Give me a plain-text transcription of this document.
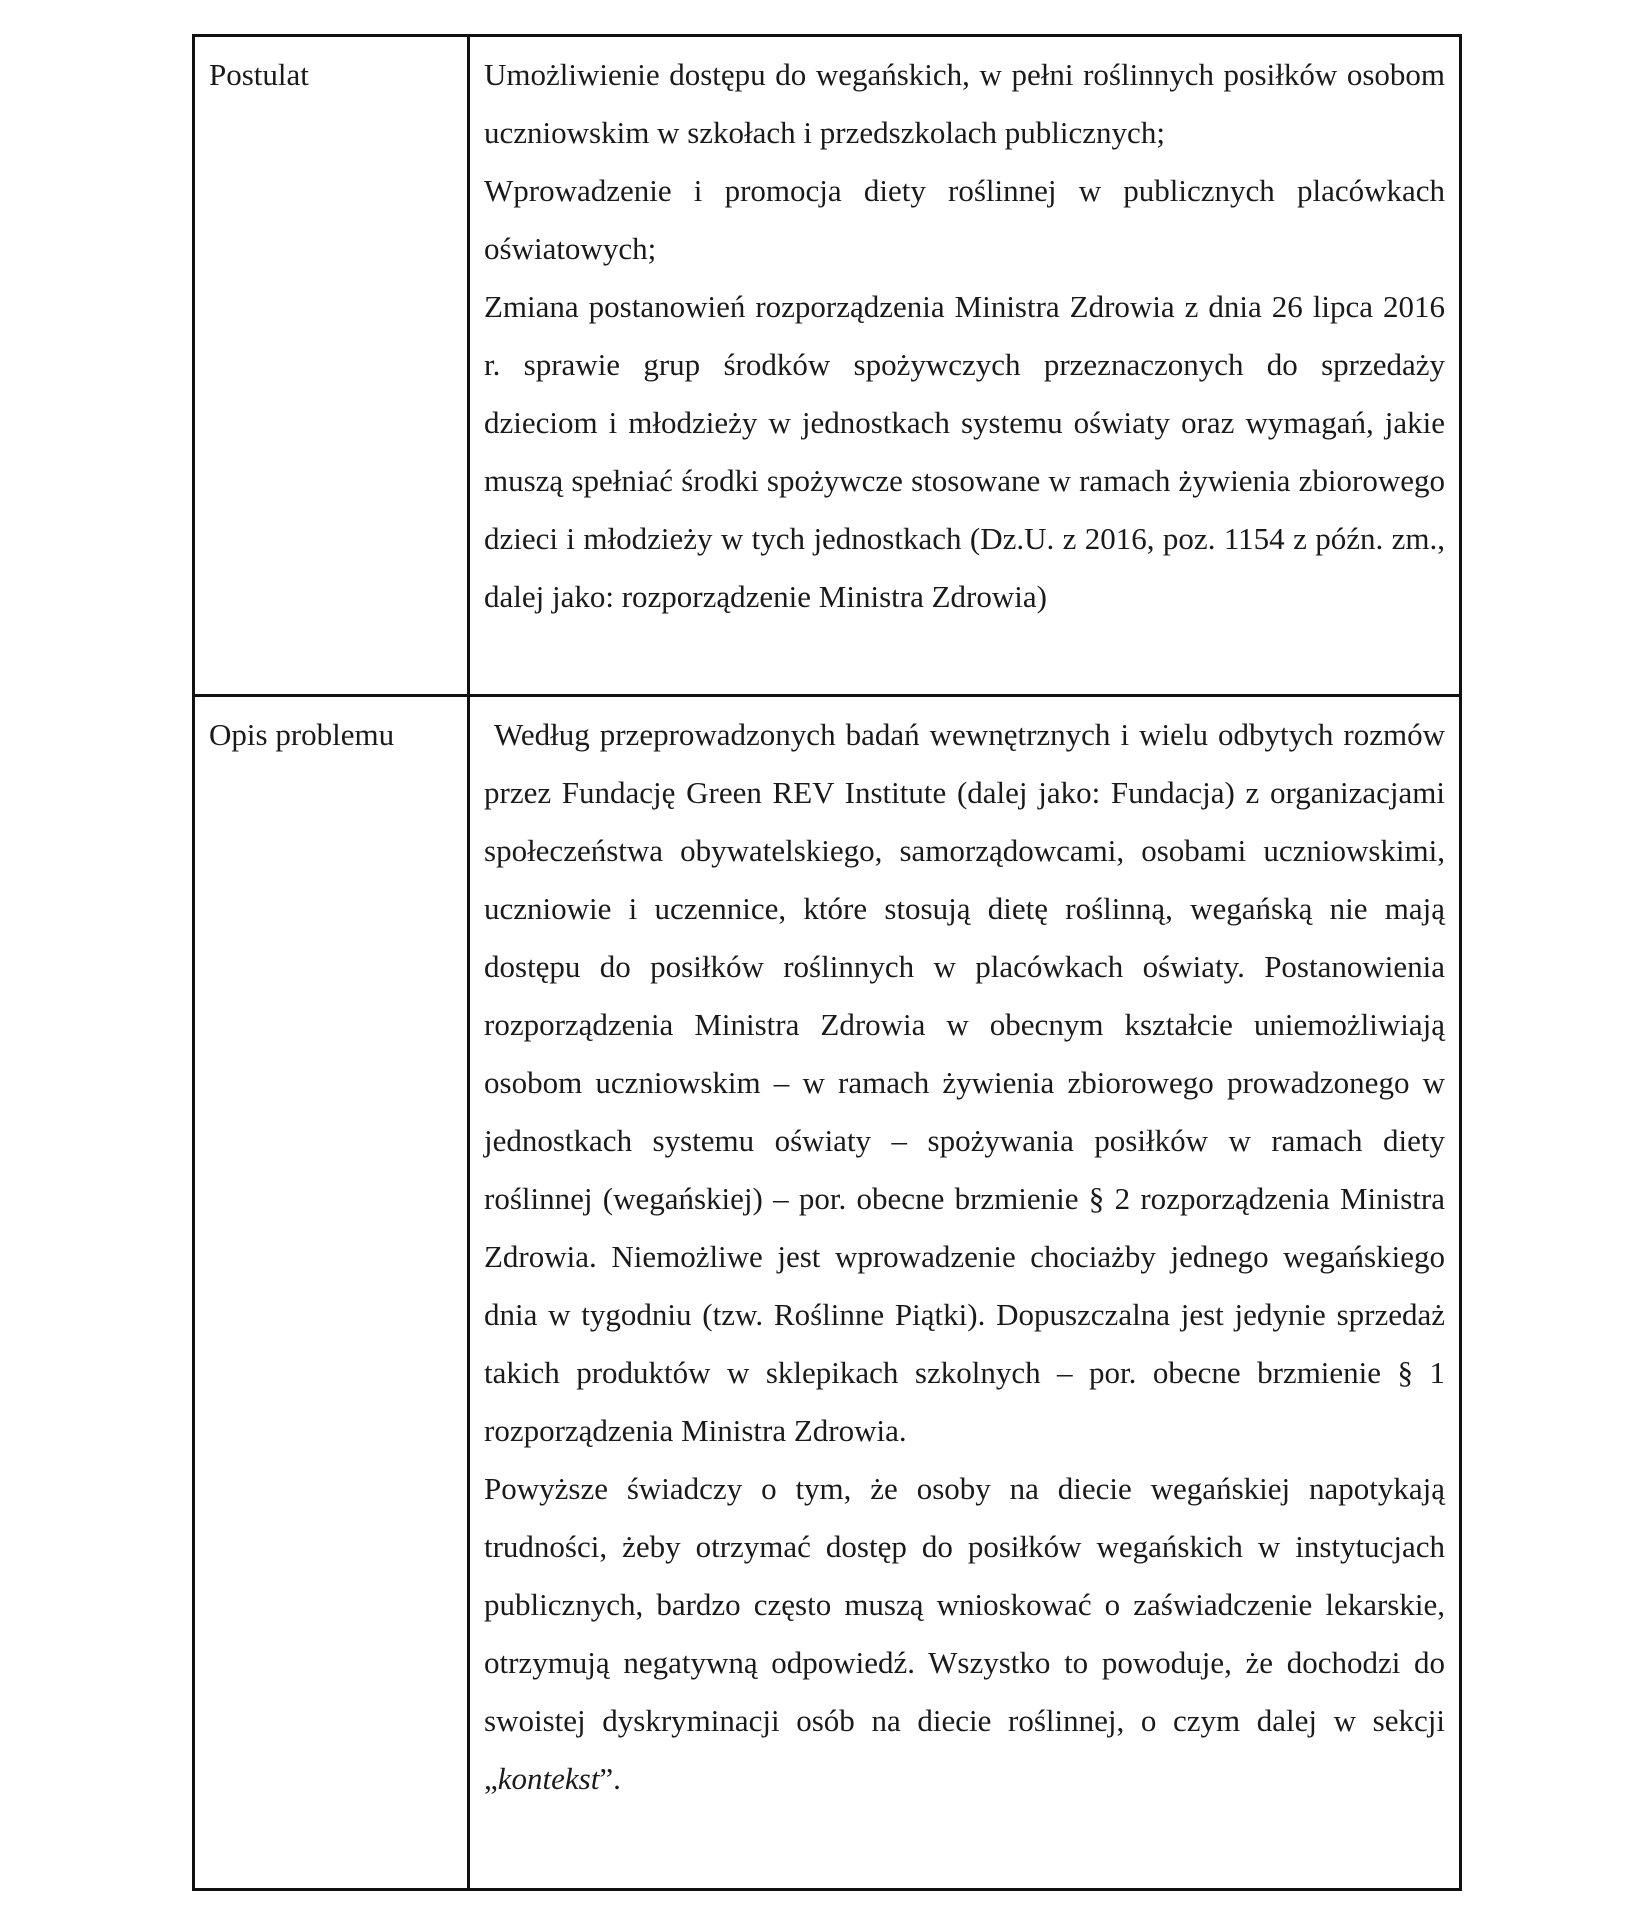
Postulat	Umożliwienie dostępu do wegańskich, w pełni roślinnych posiłków osobom uczniowskim w szkołach i przedszkolach publicznych;

Wprowadzenie i promocja diety roślinnej w publicznych placówkach oświatowych;

Zmiana postanowień rozporządzenia Ministra Zdrowia z dnia 26 lipca 2016 r. sprawie grup środków spożywczych przeznaczonych do sprzedaży dzieciom i młodzieży w jednostkach systemu oświaty oraz wymagań, jakie muszą spełniać środki spożywcze stosowane w ramach żywienia zbiorowego dzieci i młodzieży w tych jednostkach (Dz.U. z 2016, poz. 1154 z późn. zm., dalej jako: rozporządzenie Ministra Zdrowia)

Opis problemu	Według przeprowadzonych badań wewnętrznych i wielu odbytych rozmów przez Fundację Green REV Institute (dalej jako: Fundacja) z organizacjami społeczeństwa obywatelskiego, samorządowcami, osobami uczniowskimi, uczniowie i uczennice, które stosują dietę roślinną, wegańską nie mają dostępu do posiłków roślinnych w placówkach oświaty. Postanowienia rozporządzenia Ministra Zdrowia w obecnym kształcie uniemożliwiają osobom uczniowskim – w ramach żywienia zbiorowego prowadzonego w jednostkach systemu oświaty – spożywania posiłków w ramach diety roślinnej (wegańskiej) – por. obecne brzmienie § 2 rozporządzenia Ministra Zdrowia. Niemożliwe jest wprowadzenie chociażby jednego wegańskiego dnia w tygodniu (tzw. Roślinne Piątki). Dopuszczalna jest jedynie sprzedaż takich produktów w sklepikach szkolnych – por. obecne brzmienie § 1 rozporządzenia Ministra Zdrowia.

Powyższe świadczy o tym, że osoby na diecie wegańskiej napotykają trudności, żeby otrzymać dostęp do posiłków wegańskich w instytucjach publicznych, bardzo często muszą wnioskować o zaświadczenie lekarskie, otrzymują negatywną odpowiedź. Wszystko to powoduje, że dochodzi do swoistej dyskryminacji osób na diecie roślinnej, o czym dalej w sekcji „kontekst”.
